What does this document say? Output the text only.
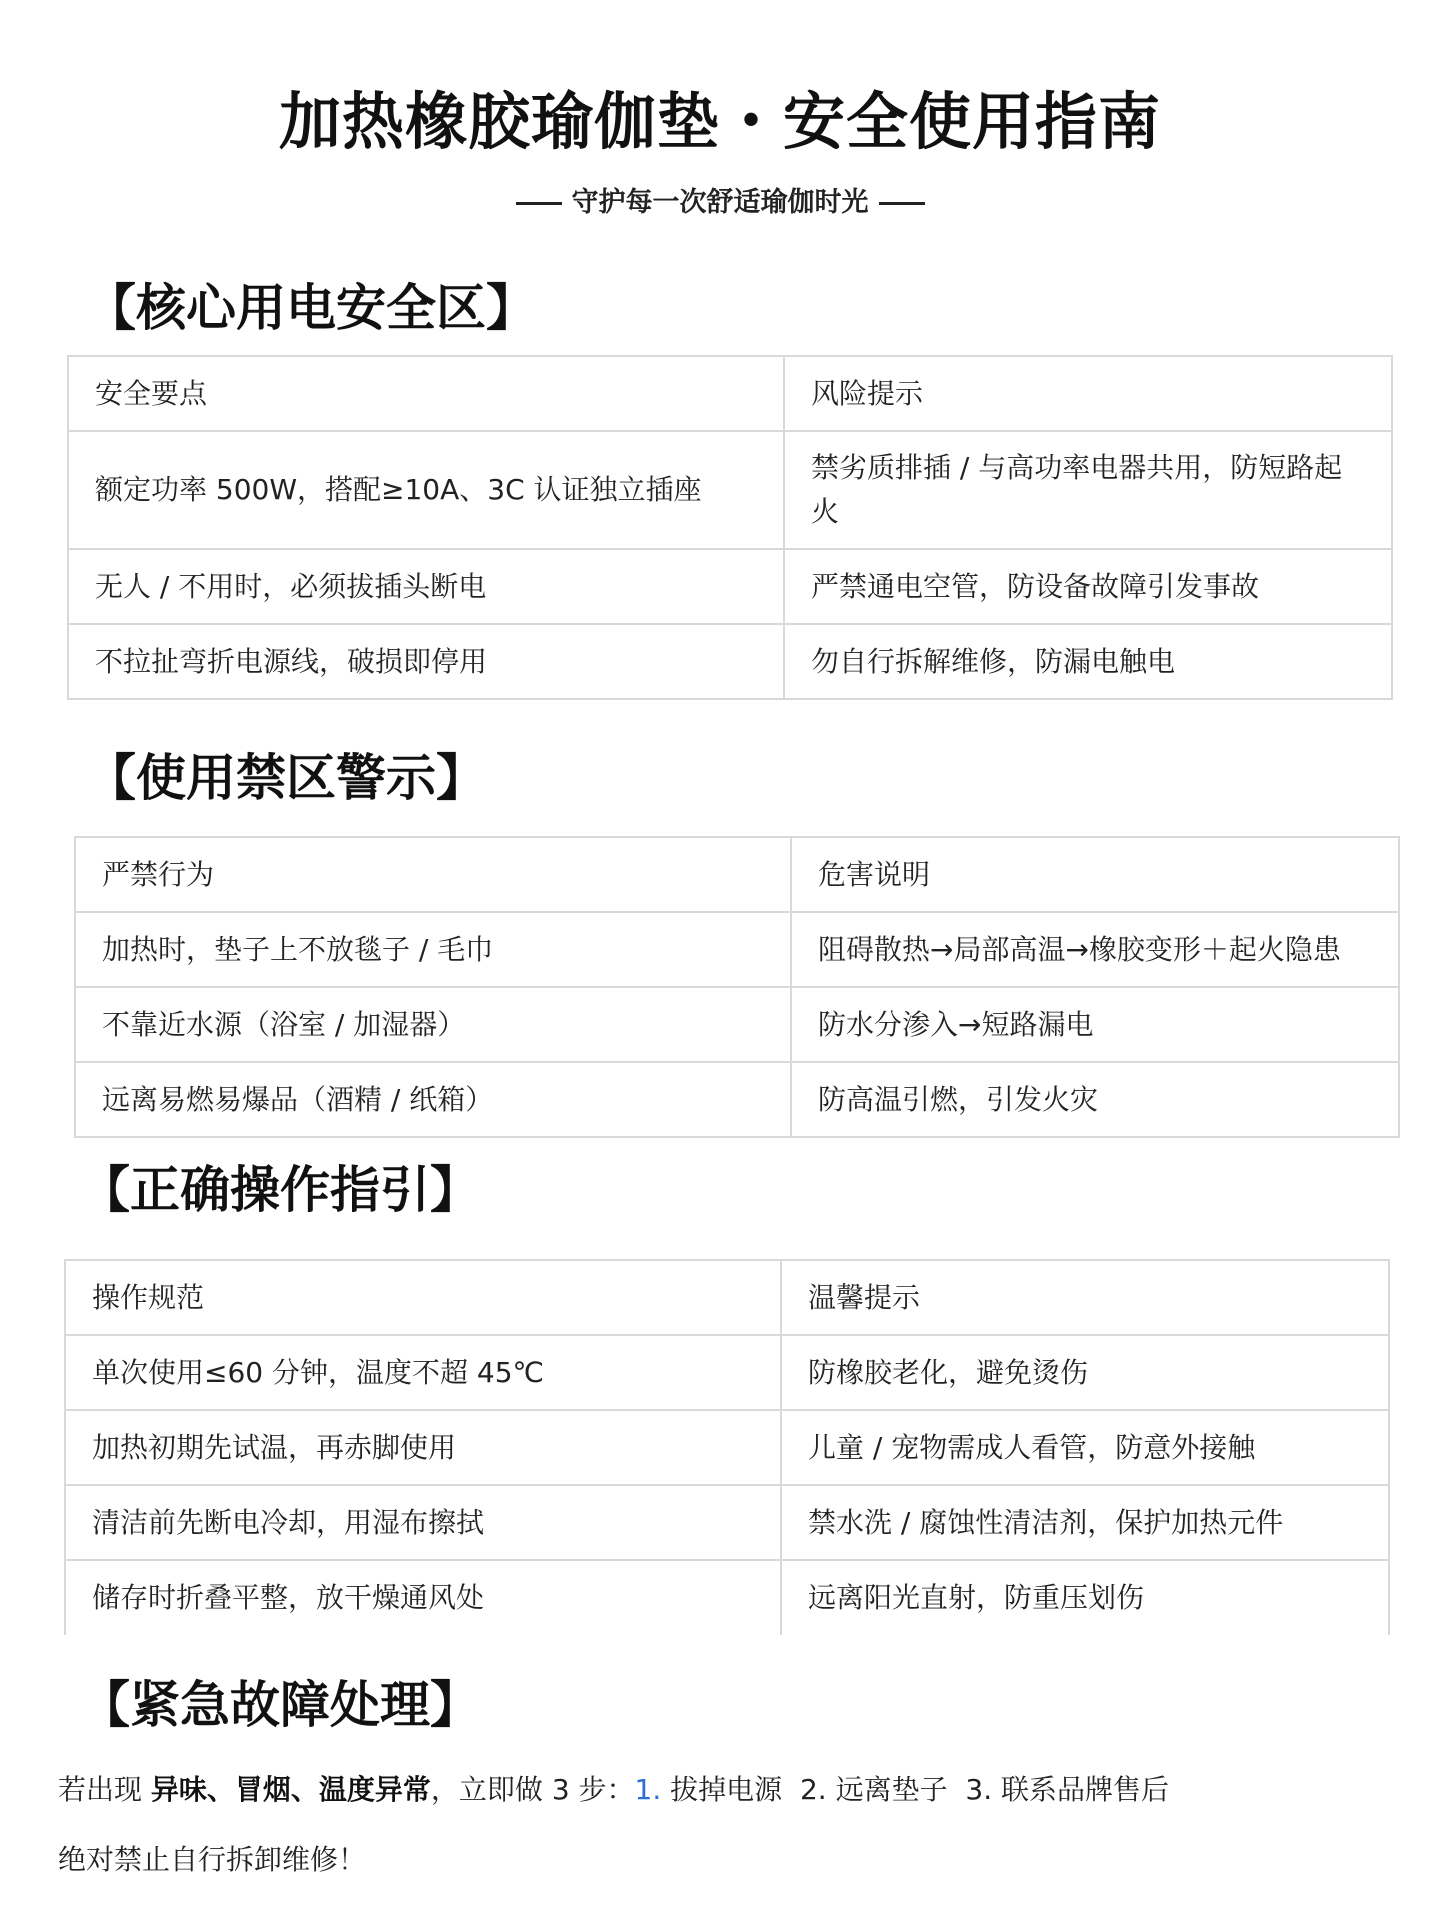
加热橡胶瑜伽垫・安全使用指南
守护每一次舒适瑜伽时光
【核心用电安全区】
安全要点	风险提示
额定功率 500W，搭配≥10A、3C 认证独立插座	禁劣质排插 / 与高功率电器共用，防短路起火
无人 / 不用时，必须拔插头断电	严禁通电空管，防设备故障引发事故
不拉扯弯折电源线，破损即停用	勿自行拆解维修，防漏电触电
【使用禁区警示】
严禁行为	危害说明
加热时，垫子上不放毯子 / 毛巾	阻碍散热→局部高温→橡胶变形＋起火隐患
不靠近水源（浴室 / 加湿器）	防水分渗入→短路漏电
远离易燃易爆品（酒精 / 纸箱）	防高温引燃，引发火灾
【正确操作指引】
操作规范	温馨提示
单次使用≤60 分钟，温度不超 45℃	防橡胶老化，避免烫伤
加热初期先试温，再赤脚使用	儿童 / 宠物需成人看管，防意外接触
清洁前先断电冷却，用湿布擦拭	禁水洗 / 腐蚀性清洁剂，保护加热元件
储存时折叠平整，放干燥通风处	远离阳光直射，防重压划伤
【紧急故障处理】
若出现 异味、冒烟、温度异常，立即做 3 步：1. 拔掉电源  2. 远离垫子  3. 联系品牌售后
绝对禁止自行拆卸维修！
